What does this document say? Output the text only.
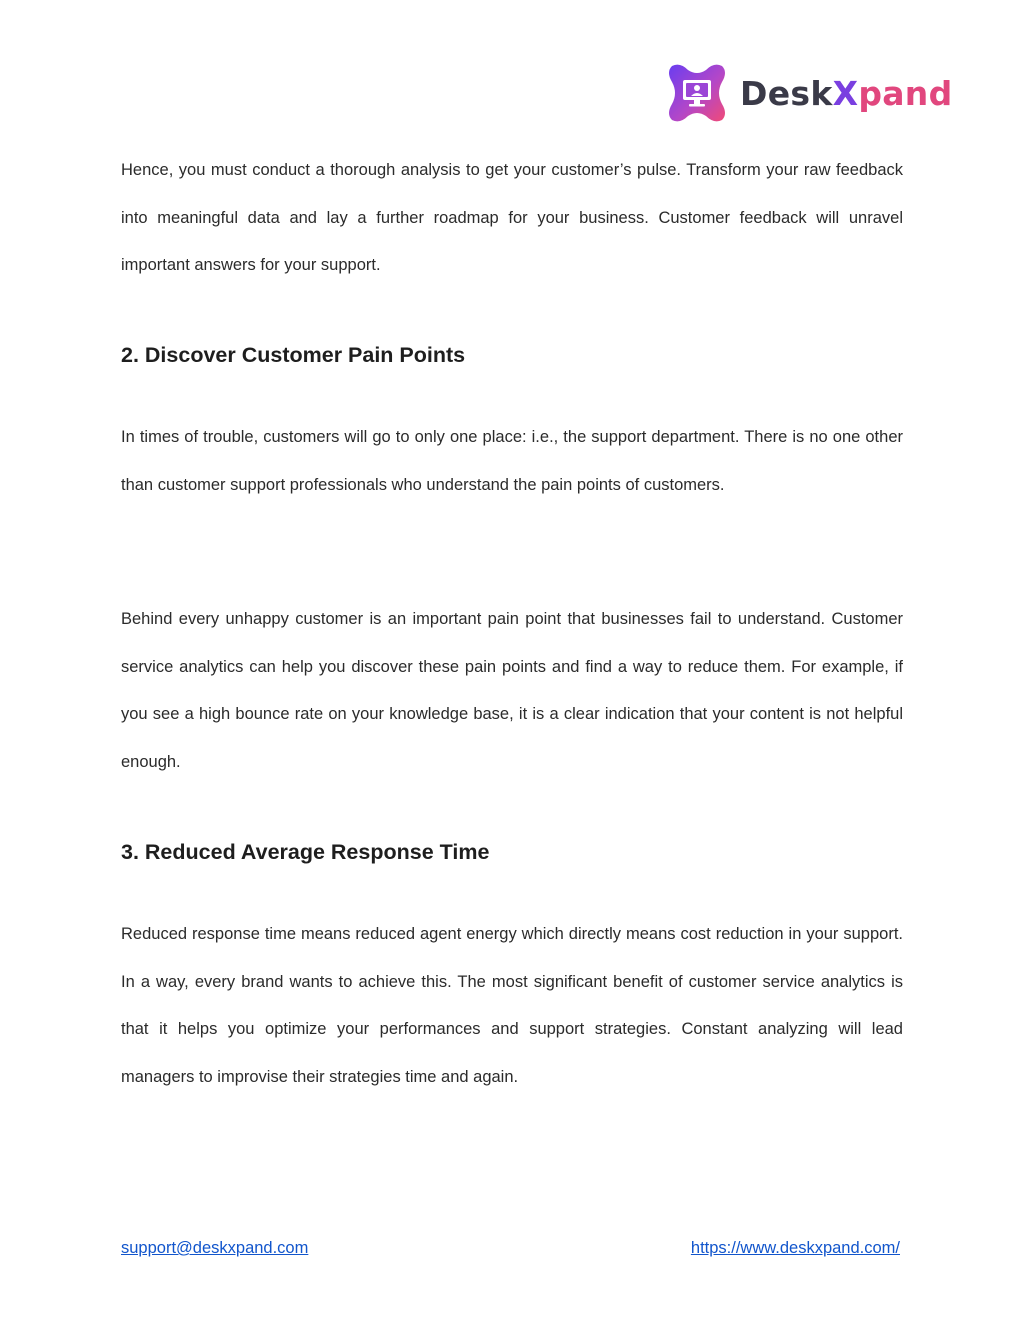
DeskXpand

Hence, you must conduct a thorough analysis to get your customer’s pulse. Transform your raw feedback into meaningful data and lay a further roadmap for your business. Customer feedback will unravel important answers for your support.

2. Discover Customer Pain Points

In times of trouble, customers will go to only one place: i.e., the support department. There is no one other than customer support professionals who understand the pain points of customers.

Behind every unhappy customer is an important pain point that businesses fail to understand. Customer service analytics can help you discover these pain points and find a way to reduce them. For example, if you see a high bounce rate on your knowledge base, it is a clear indication that your content is not helpful enough.

3. Reduced Average Response Time

Reduced response time means reduced agent energy which directly means cost reduction in your support. In a way, every brand wants to achieve this. The most significant benefit of customer service analytics is that it helps you optimize your performances and support strategies. Constant analyzing will lead managers to improvise their strategies time and again.

support@deskxpand.com	https://www.deskxpand.com/
